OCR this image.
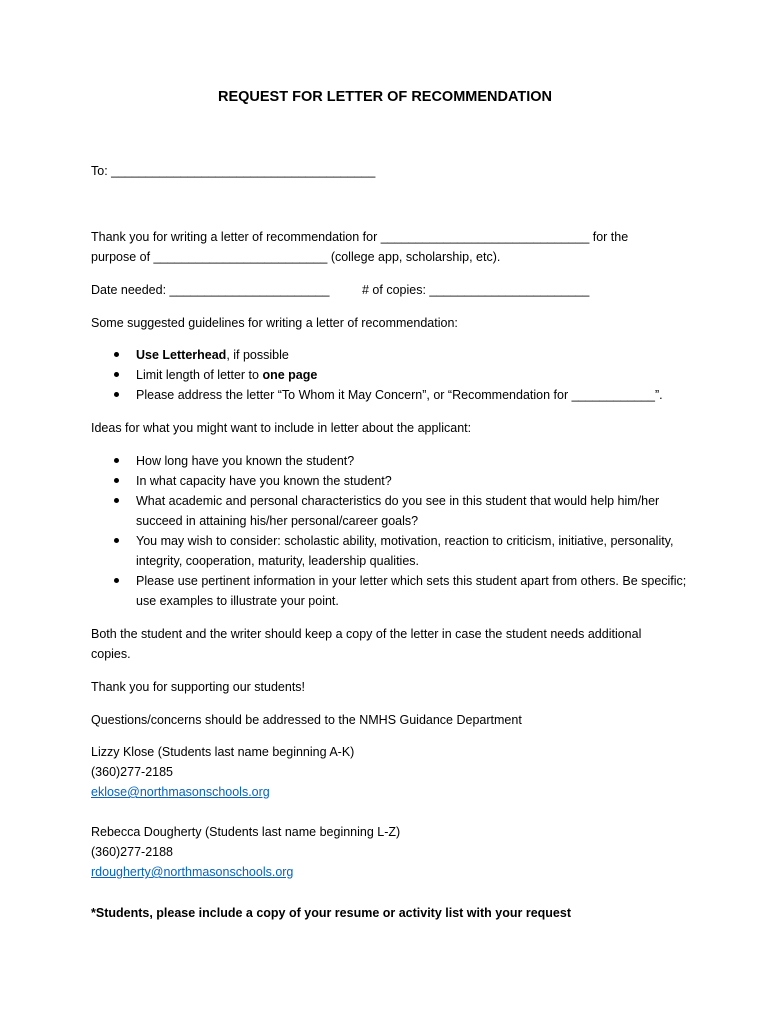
REQUEST FOR LETTER OF RECOMMENDATION
To: ______________________________________
Thank you for writing a letter of recommendation for ______________________________ for the
purpose of _________________________ (college app, scholarship, etc).
Date needed: _______________________	# of copies: _______________________
Some suggested guidelines for writing a letter of recommendation:
Use Letterhead, if possible
Limit length of letter to one page
Please address the letter “To Whom it May Concern”, or “Recommendation for ____________”.
Ideas for what you might want to include in letter about the applicant:
How long have you known the student?
In what capacity have you known the student?
What academic and personal characteristics do you see in this student that would help him/her succeed in attaining his/her personal/career goals?
You may wish to consider: scholastic ability, motivation, reaction to criticism, initiative, personality, integrity, cooperation, maturity, leadership qualities.
Please use pertinent information in your letter which sets this student apart from others. Be specific; use examples to illustrate your point.
Both the student and the writer should keep a copy of the letter in case the student needs additional
copies.
Thank you for supporting our students!
Questions/concerns should be addressed to the NMHS Guidance Department
Lizzy Klose (Students last name beginning A-K)
(360)277-2185
eklose@northmasonschools.org
Rebecca Dougherty (Students last name beginning L-Z)
(360)277-2188
rdougherty@northmasonschools.org
*Students, please include a copy of your resume or activity list with your request
